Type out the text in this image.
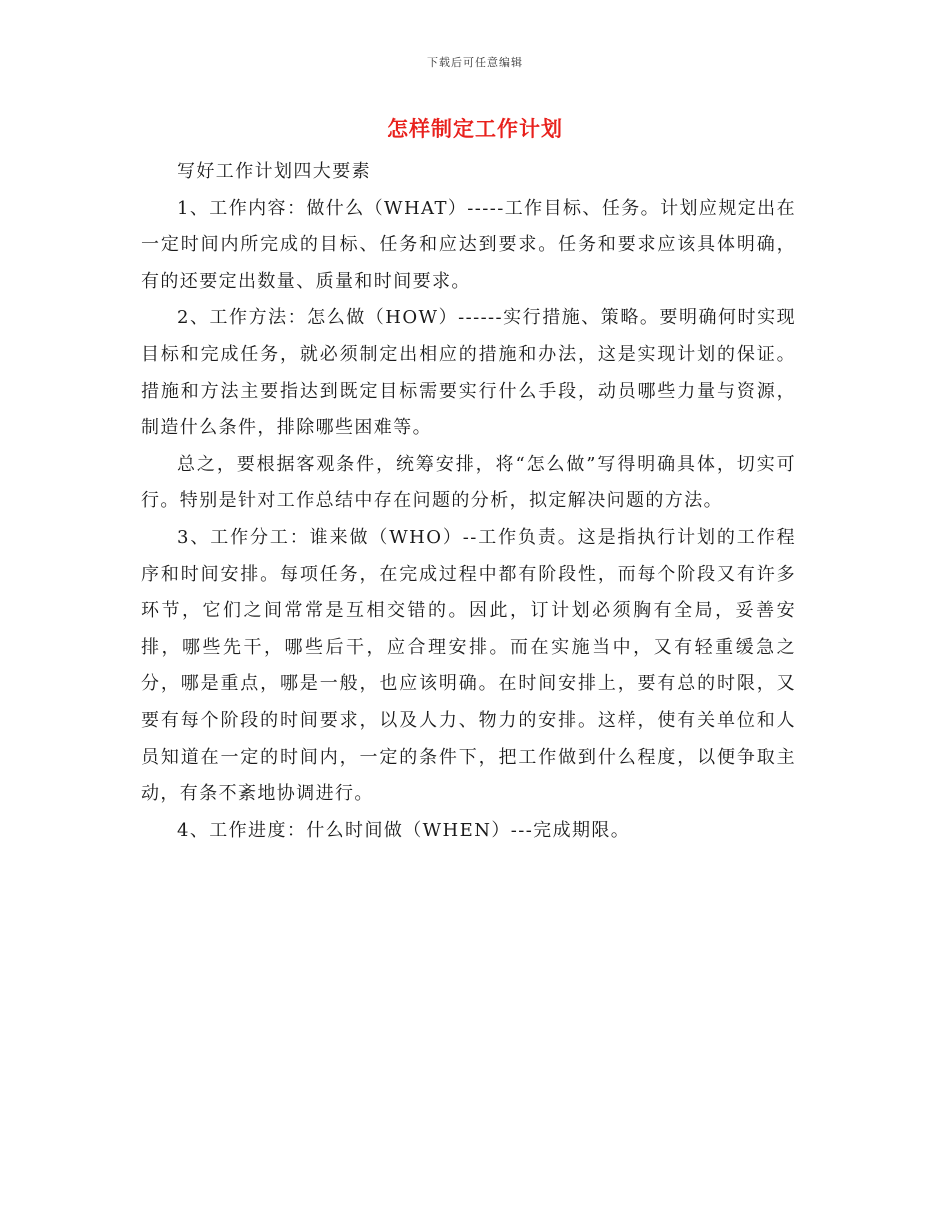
下载后可任意编辑
怎样制定工作计划

写好工作计划四大要素

1、工作内容：做什么（WHAT）-----工作目标、任务。计划应规定出在一定时间内所完成的目标、任务和应达到要求。任务和要求应该具体明确，有的还要定出数量、质量和时间要求。

2、工作方法：怎么做（HOW）------实行措施、策略。要明确何时实现目标和完成任务，就必须制定出相应的措施和办法，这是实现计划的保证。措施和方法主要指达到既定目标需要实行什么手段，动员哪些力量与资源，制造什么条件，排除哪些困难等。

总之，要根据客观条件，统筹安排，将“怎么做”写得明确具体，切实可行。特别是针对工作总结中存在问题的分析，拟定解决问题的方法。

3、工作分工：谁来做（WHO）--工作负责。这是指执行计划的工作程序和时间安排。每项任务，在完成过程中都有阶段性，而每个阶段又有许多环节，它们之间常常是互相交错的。因此，订计划必须胸有全局，妥善安排，哪些先干，哪些后干，应合理安排。而在实施当中，又有轻重缓急之分，哪是重点，哪是一般，也应该明确。在时间安排上，要有总的时限，又要有每个阶段的时间要求，以及人力、物力的安排。这样，使有关单位和人员知道在一定的时间内，一定的条件下，把工作做到什么程度，以便争取主动，有条不紊地协调进行。

4、工作进度：什么时间做（WHEN）---完成期限。
